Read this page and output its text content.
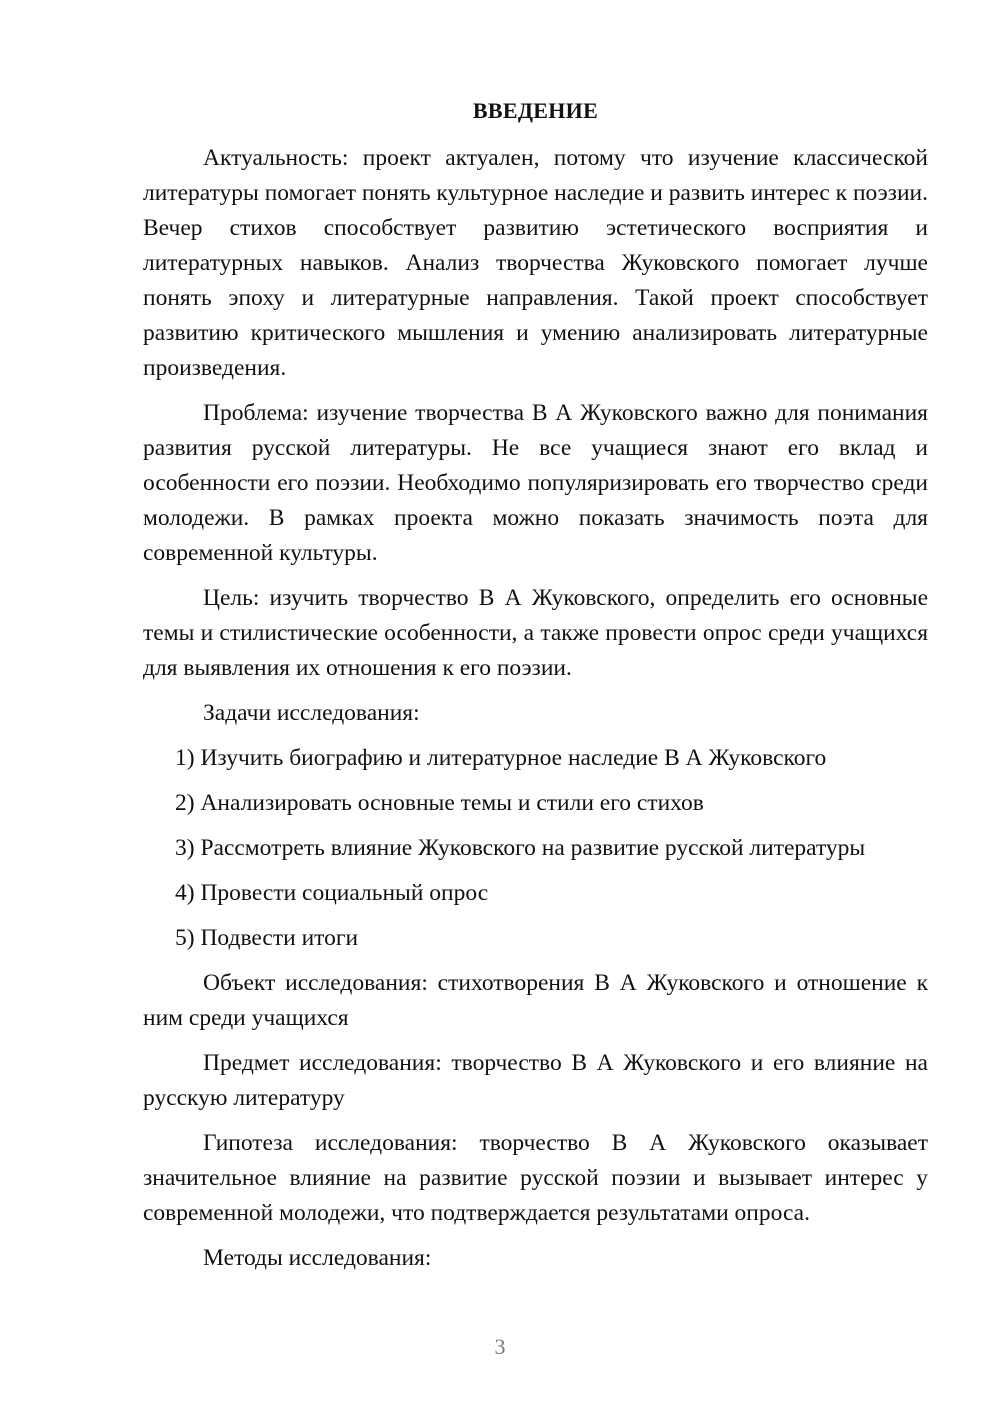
ВВЕДЕНИЕ

Актуальность: проект актуален, потому что изучение классической литературы помогает понять культурное наследие и развить интерес к поэзии. Вечер стихов способствует развитию эстетического восприятия и литературных навыков. Анализ творчества Жуковского помогает лучше понять эпоху и литературные направления. Такой проект способствует развитию критического мышления и умению анализировать литературные произведения.

Проблема: изучение творчества В А Жуковского важно для понимания развития русской литературы. Не все учащиеся знают его вклад и особенности его поэзии. Необходимо популяризировать его творчество среди молодежи. В рамках проекта можно показать значимость поэта для современной культуры.

Цель: изучить творчество В А Жуковского, определить его основные темы и стилистические особенности, а также провести опрос среди учащихся для выявления их отношения к его поэзии.

Задачи исследования:
1) Изучить биографию и литературное наследие В А Жуковского
2) Анализировать основные темы и стили его стихов
3) Рассмотреть влияние Жуковского на развитие русской литературы
4) Провести социальный опрос
5) Подвести итоги

Объект исследования: стихотворения В А Жуковского и отношение к ним среди учащихся

Предмет исследования: творчество В А Жуковского и его влияние на русскую литературу

Гипотеза исследования: творчество В А Жуковского оказывает значительное влияние на развитие русской поэзии и вызывает интерес у современной молодежи, что подтверждается результатами опроса.

Методы исследования:
3
